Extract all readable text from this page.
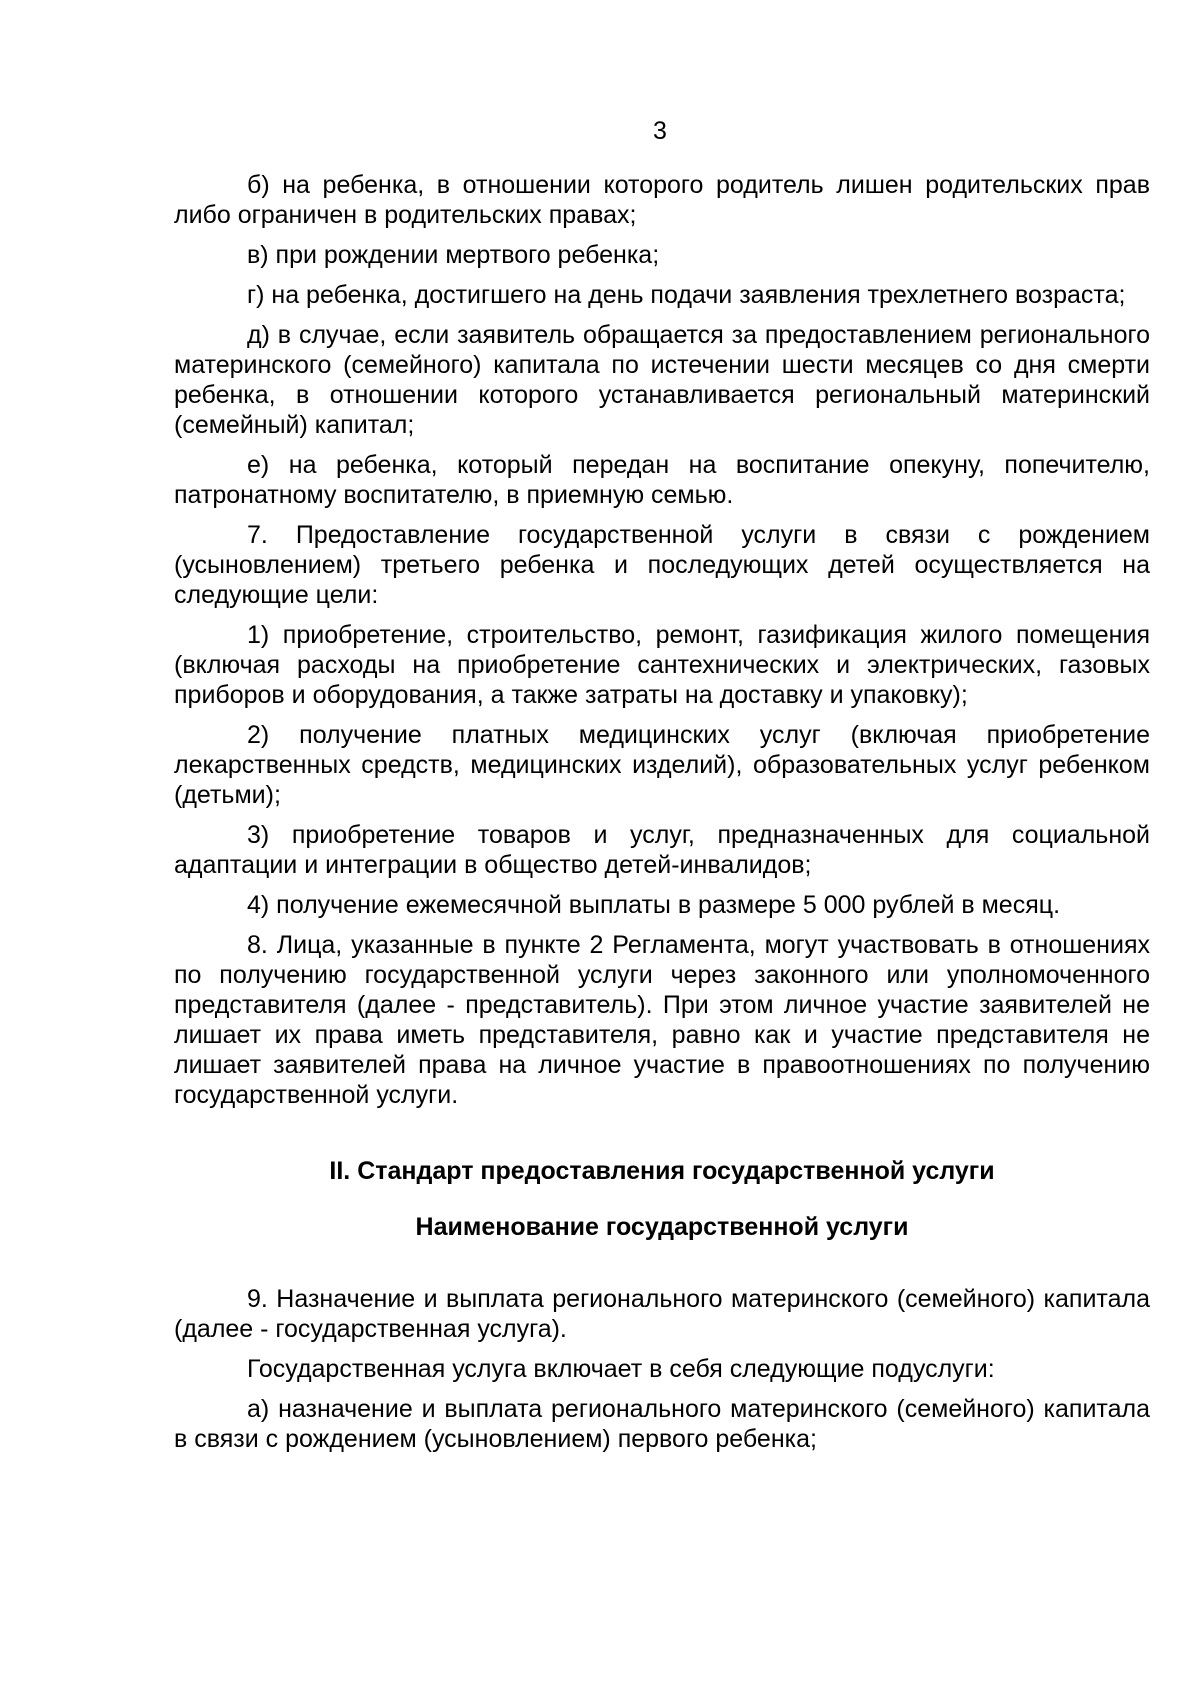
3

б) на ребенка, в отношении которого родитель лишен родительских прав либо ограничен в родительских правах;

в) при рождении мертвого ребенка;

г) на ребенка, достигшего на день подачи заявления трехлетнего возраста;

д) в случае, если заявитель обращается за предоставлением регионального материнского (семейного) капитала по истечении шести месяцев со дня смерти ребенка, в отношении которого устанавливается региональный материнский (семейный) капитал;

е) на ребенка, который передан на воспитание опекуну, попечителю, патронатному воспитателю, в приемную семью.

7. Предоставление государственной услуги в связи с рождением (усыновлением) третьего ребенка и последующих детей осуществляется на следующие цели:

1) приобретение, строительство, ремонт, газификация жилого помещения (включая расходы на приобретение сантехнических и электрических, газовых приборов и оборудования, а также затраты на доставку и упаковку);

2) получение платных медицинских услуг (включая приобретение лекарственных средств, медицинских изделий), образовательных услуг ребенком (детьми);

3) приобретение товаров и услуг, предназначенных для социальной адаптации и интеграции в общество детей-инвалидов;

4) получение ежемесячной выплаты в размере 5 000 рублей в месяц.

8. Лица, указанные в пункте 2 Регламента, могут участвовать в отношениях по получению государственной услуги через законного или уполномоченного представителя (далее - представитель). При этом личное участие заявителей не лишает их права иметь представителя, равно как и участие представителя не лишает заявителей права на личное участие в правоотношениях по получению государственной услуги.

II. Стандарт предоставления государственной услуги
Наименование государственной услуги

9. Назначение и выплата регионального материнского (семейного) капитала (далее - государственная услуга).

Государственная услуга включает в себя следующие подуслуги:

а) назначение и выплата регионального материнского (семейного) капитала в связи с рождением (усыновлением) первого ребенка;
